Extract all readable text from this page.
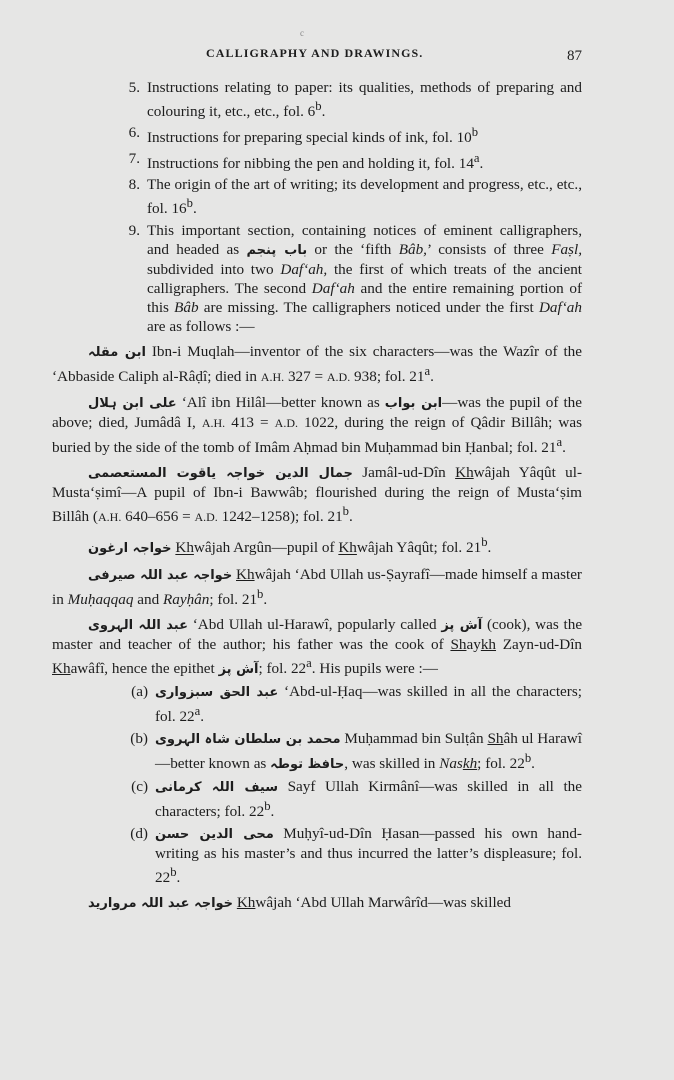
c
CALLIGRAPHY AND DRAWINGS.	87
5. Instructions relating to paper: its qualities, methods of preparing and colouring it, etc., etc., fol. 6$^b$.
6. Instructions for preparing special kinds of ink, fol. 10$^b$
7. Instructions for nibbing the pen and holding it, fol. 14$^a$.
8. The origin of the art of writing; its development and progress, etc., etc., fol. 16$^b$.
9. This important section, containing notices of eminent calligraphers, and headed as باب پنجم or the ‘fifth Bâb,’ consists of three Faṣl, subdivided into two Daf‘ah, the first of which treats of the ancient calligraphers. The second Daf‘ah and the entire remaining portion of this Bâb are missing. The calligraphers noticed under the first Daf‘ah are as follows :—

ابن مقلہ Ibn-i Muqlah—inventor of the six characters—was the Wazîr of the ‘Abbaside Caliph al-Râḍî; died in A.H. 327 = A.D. 938; fol. 21$^a$.

علی ابن ہلال ‘Alî ibn Hilâl—better known as ابن بواب—was the pupil of the above; died, Jumâdâ I, A.H. 413 = A.D. 1022, during the reign of Qâdir Billâh; was buried by the side of the tomb of Imâm Aḥmad bin Muḥammad bin Ḥanbal; fol. 21$^a$.

جمال الدین خواجہ یاقوت المستعصمی Jamâl-ud-Dîn Khwâjah Yâqût ul-Musta‘ṣimî—A pupil of Ibn-i Bawwâb; flourished during the reign of Musta‘ṣim Billâh (A.H. 640–656 = A.D. 1242–1258); fol. 21$^b$.

خواجہ ارغون Khwâjah Argûn—pupil of Khwâjah Yâqût; fol. 21$^b$.

خواجہ عبد اللہ صیرفی Khwâjah ‘Abd Ullah us-Ṣayrafî—made himself a master in Muḥaqqaq and Rayḥân; fol. 21$^b$.

عبد اللہ الہروی ‘Abd Ullah ul-Harawî, popularly called آش پز (cook), was the master and teacher of the author; his father was the cook of Shaykh Zayn-ud-Dîn Khawâfî, hence the epithet آش پز; fol. 22$^a$. His pupils were :—

(a) عبد الحق سبزواری ‘Abd-ul-Ḥaq—was skilled in all the characters; fol. 22$^a$.
(b) محمد بن سلطان شاہ الہروی Muḥammad bin Sulṭân Shâh ul Harawî—better known as حافظ توطہ, was skilled in Naskh; fol. 22$^b$.
(c) سیف اللہ کرمانی Sayf Ullah Kirmânî—was skilled in all the characters; fol. 22$^b$.
(d) محی الدین حسن Muḥyî-ud-Dîn Ḥasan—passed his own hand-writing as his master’s and thus incurred the latter’s displeasure; fol. 22$^b$.

خواجہ عبد اللہ مروارید Khwâjah ‘Abd Ullah Marwârîd—was skilled
